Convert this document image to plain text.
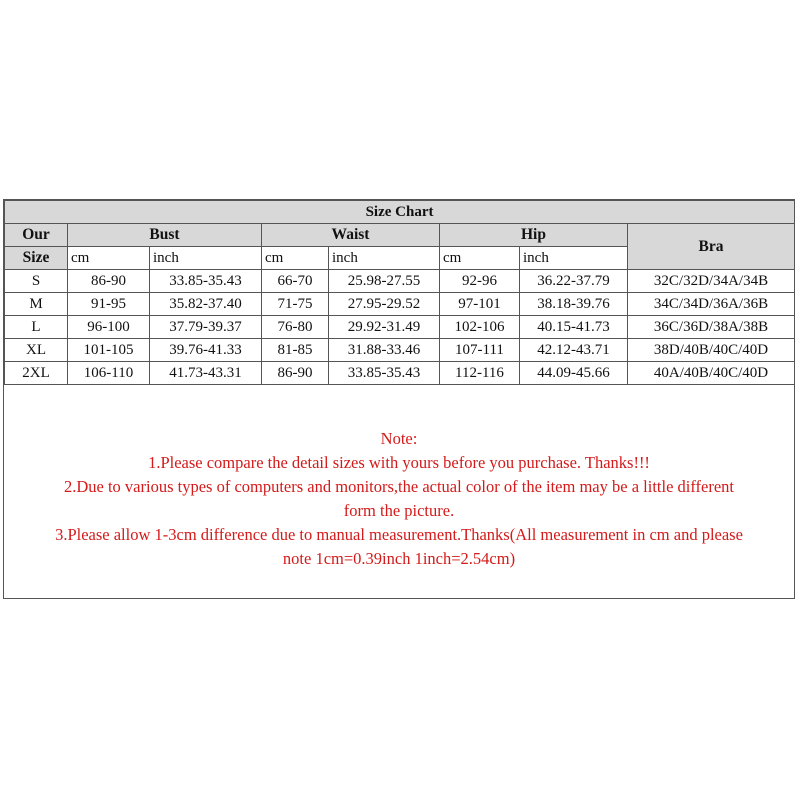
Size Chart							
Our	Bust		Waist		Hip		Bra
Size	cm	inch	cm	inch	cm	inch	
S	86-90	33.85-35.43	66-70	25.98-27.55	92-96	36.22-37.79	32C/32D/34A/34B
M	91-95	35.82-37.40	71-75	27.95-29.52	97-101	38.18-39.76	34C/34D/36A/36B
L	96-100	37.79-39.37	76-80	29.92-31.49	102-106	40.15-41.73	36C/36D/38A/38B
XL	101-105	39.76-41.33	81-85	31.88-33.46	107-111	42.12-43.71	38D/40B/40C/40D
2XL	106-110	41.73-43.31	86-90	33.85-35.43	112-116	44.09-45.66	40A/40B/40C/40D
Note:
1.Please compare the detail sizes with yours before you purchase. Thanks!!!
2.Due to various types of computers and monitors,the actual color of the item may be a little different
form the picture.
3.Please allow 1-3cm difference due to manual measurement.Thanks(All measurement in cm and please
note 1cm=0.39inch 1inch=2.54cm)
